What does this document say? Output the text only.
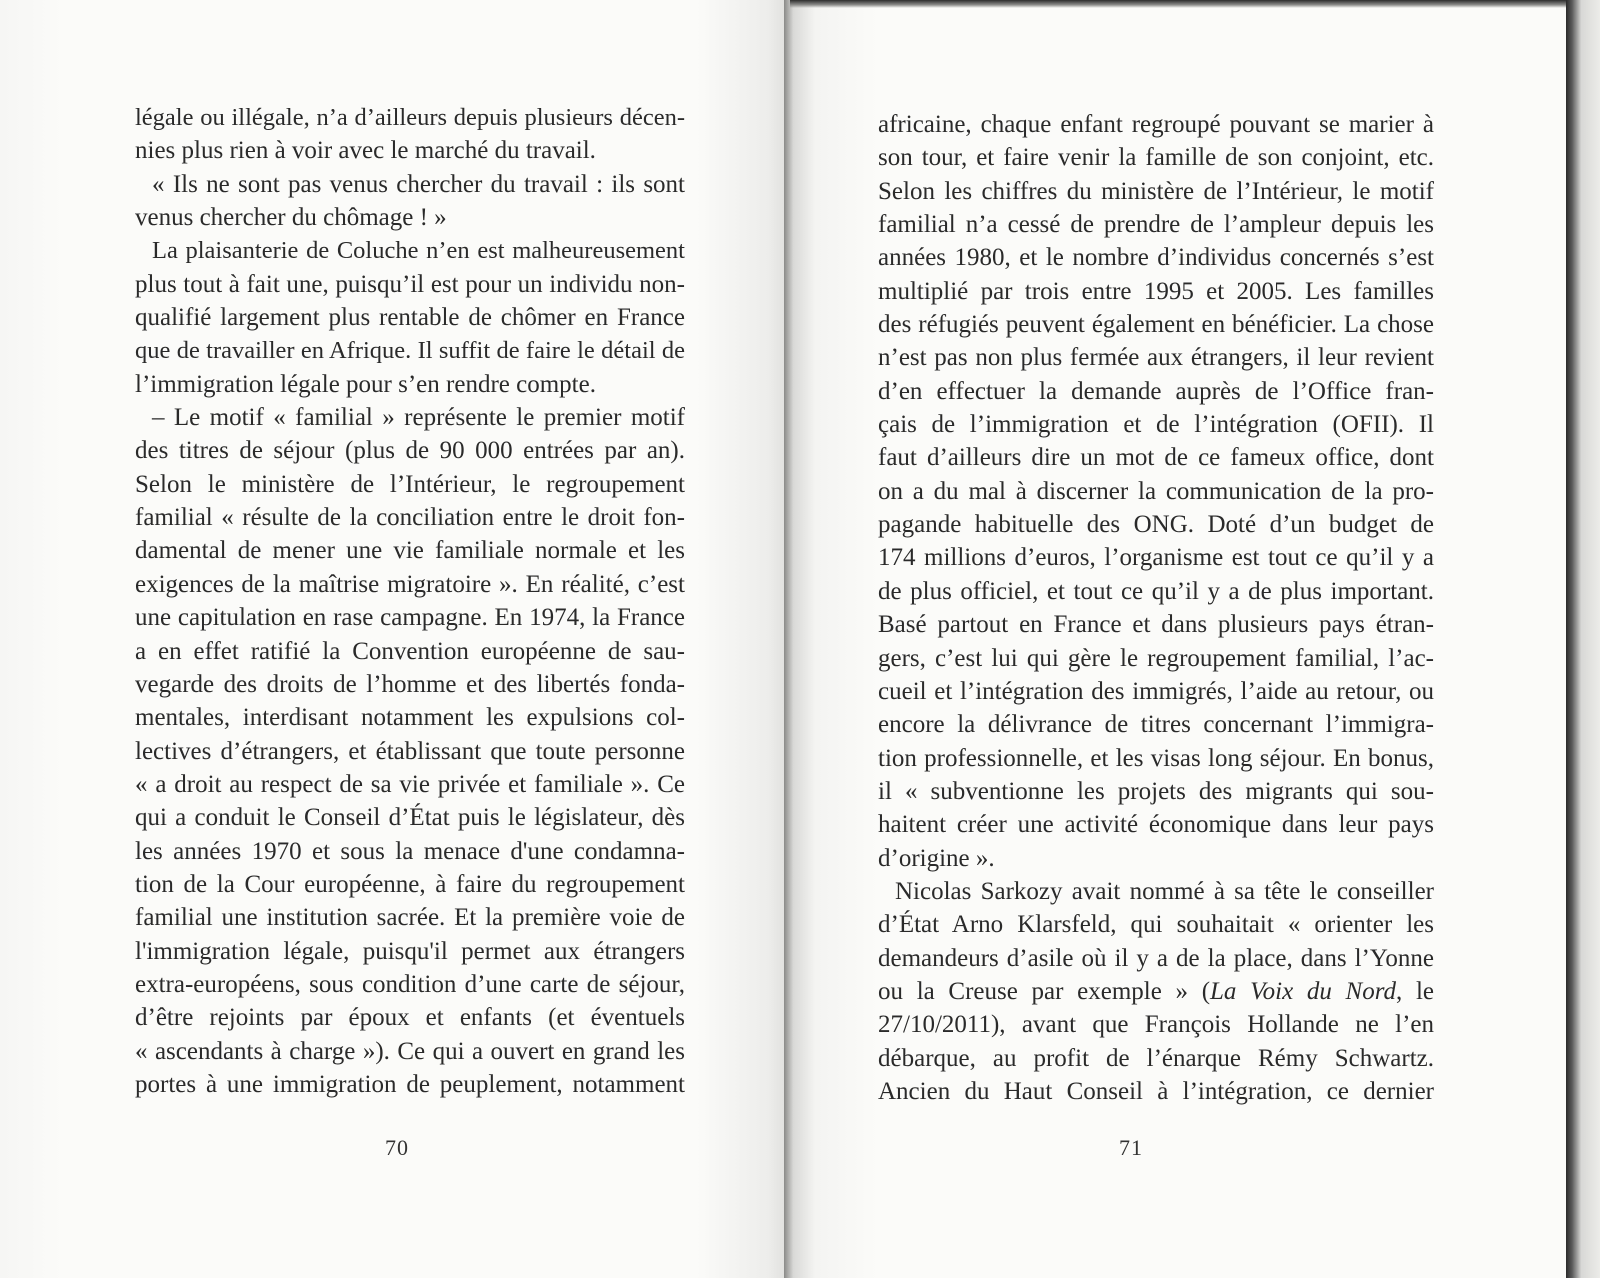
légale ou illégale, n’a d’ailleurs depuis plusieurs décen-
nies plus rien à voir avec le marché du travail.
« Ils ne sont pas venus chercher du travail : ils sont
venus chercher du chômage ! »
La plaisanterie de Coluche n’en est malheureusement
plus tout à fait une, puisqu’il est pour un individu non-
qualifié largement plus rentable de chômer en France
que de travailler en Afrique. Il suffit de faire le détail de
l’immigration légale pour s’en rendre compte.
– Le motif « familial » représente le premier motif
des titres de séjour (plus de 90 000 entrées par an).
Selon le ministère de l’Intérieur, le regroupement
familial « résulte de la conciliation entre le droit fon-
damental de mener une vie familiale normale et les
exigences de la maîtrise migratoire ». En réalité, c’est
une capitulation en rase campagne. En 1974, la France
a en effet ratifié la Convention européenne de sau-
vegarde des droits de l’homme et des libertés fonda-
mentales, interdisant notamment les expulsions col-
lectives d’étrangers, et établissant que toute personne
« a droit au respect de sa vie privée et familiale ». Ce
qui a conduit le Conseil d’État puis le législateur, dès
les années 1970 et sous la menace d'une condamna-
tion de la Cour européenne, à faire du regroupement
familial une institution sacrée. Et la première voie de
l'immigration légale, puisqu'il permet aux étrangers
extra-européens, sous condition d’une carte de séjour,
d’être rejoints par époux et enfants (et éventuels
« ascendants à charge »). Ce qui a ouvert en grand les
portes à une immigration de peuplement, notamment
70
africaine, chaque enfant regroupé pouvant se marier à
son tour, et faire venir la famille de son conjoint, etc.
Selon les chiffres du ministère de l’Intérieur, le motif
familial n’a cessé de prendre de l’ampleur depuis les
années 1980, et le nombre d’individus concernés s’est
multiplié par trois entre 1995 et 2005. Les familles
des réfugiés peuvent également en bénéficier. La chose
n’est pas non plus fermée aux étrangers, il leur revient
d’en effectuer la demande auprès de l’Office fran-
çais de l’immigration et de l’intégration (OFII). Il
faut d’ailleurs dire un mot de ce fameux office, dont
on a du mal à discerner la communication de la pro-
pagande habituelle des ONG. Doté d’un budget de
174 millions d’euros, l’organisme est tout ce qu’il y a
de plus officiel, et tout ce qu’il y a de plus important.
Basé partout en France et dans plusieurs pays étran-
gers, c’est lui qui gère le regroupement familial, l’ac-
cueil et l’intégration des immigrés, l’aide au retour, ou
encore la délivrance de titres concernant l’immigra-
tion professionnelle, et les visas long séjour. En bonus,
il « subventionne les projets des migrants qui sou-
haitent créer une activité économique dans leur pays
d’origine ».
Nicolas Sarkozy avait nommé à sa tête le conseiller
d’État Arno Klarsfeld, qui souhaitait « orienter les
demandeurs d’asile où il y a de la place, dans l’Yonne
ou la Creuse par exemple » (La Voix du Nord, le
27/10/2011), avant que François Hollande ne l’en
débarque, au profit de l’énarque Rémy Schwartz.
Ancien du Haut Conseil à l’intégration, ce dernier
71
